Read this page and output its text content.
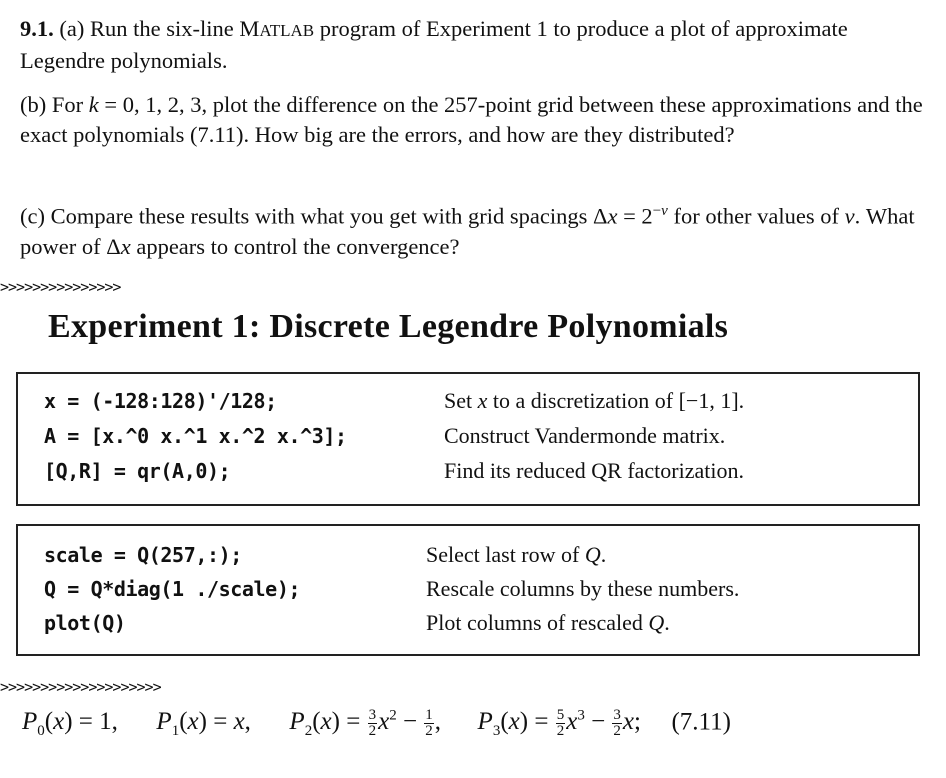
9.1. (a) Run the six-line MATLAB program of Experiment 1 to produce a plot of approximate Legendre polynomials.
(b) For k = 0, 1, 2, 3, plot the difference on the 257-point grid between these approximations and the exact polynomials (7.11). How big are the errors, and how are they distributed?
(c) Compare these results with what you get with grid spacings $\Delta x = 2^{-\nu}$ for other values of ν. What power of Δx appears to control the convergence?
>>>>>>>>>>>>>>>
Experiment 1: Discrete Legendre Polynomials
x = (-128:128)'/128;	Set x to a discretization of [−1, 1].
A = [x.^0 x.^1 x.^2 x.^3];	Construct Vandermonde matrix.
[Q,R] = qr(A,0);	Find its reduced QR factorization.
scale = Q(257,:);	Select last row of Q.
Q = Q*diag(1 ./scale);	Rescale columns by these numbers.
plot(Q)	Plot columns of rescaled Q.
>>>>>>>>>>>>>>>>>>>>
$P_0(x) = 1$, $P_1(x) = x$, $P_2(x) = \frac{3}{2} x^2 - \frac{1}{2}$ , $P_3(x) = \frac{5}{2} x^3 - \frac{3}{2} x$; (7.11)
